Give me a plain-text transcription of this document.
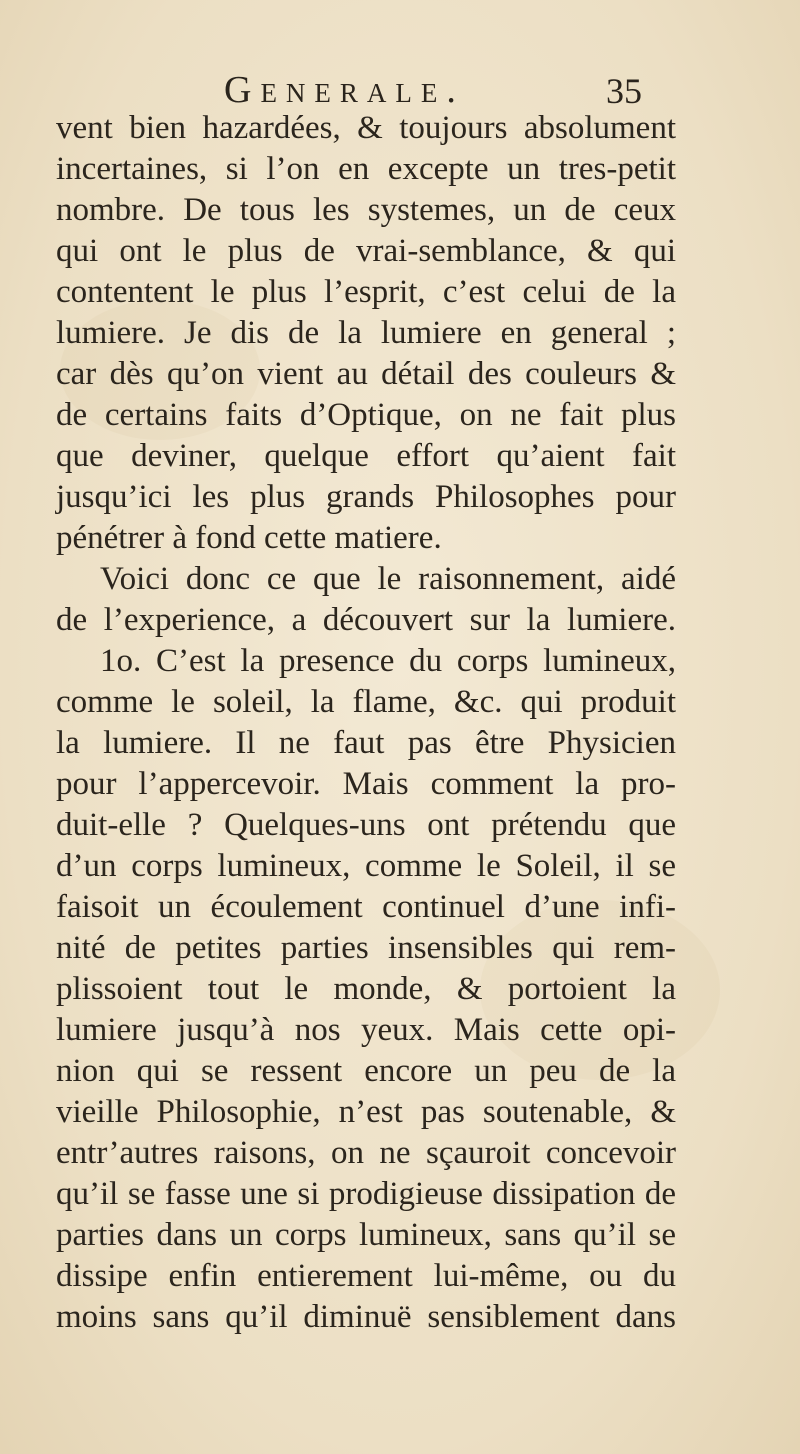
Generale.	35
vent bien hazardées, & toujours absolument
incertaines, si l’on en excepte un tres-petit
nombre. De tous les systemes, un de ceux
qui ont le plus de vrai-semblance, & qui
contentent le plus l’esprit, c’est celui de la
lumiere. Je dis de la lumiere en general ;
car dès qu’on vient au détail des couleurs &
de certains faits d’Optique, on ne fait plus
que deviner, quelque effort qu’aient fait
jusqu’ici les plus grands Philosophes pour
pénétrer à fond cette matiere.
Voici donc ce que le raisonnement, aidé
de l’experience, a découvert sur la lumiere.
1o. C’est la presence du corps lumineux,
comme le soleil, la flame, &c. qui produit
la lumiere. Il ne faut pas être Physicien
pour l’appercevoir. Mais comment la pro-
duit-elle ? Quelques-uns ont prétendu que
d’un corps lumineux, comme le Soleil, il se
faisoit un écoulement continuel d’une infi-
nité de petites parties insensibles qui rem-
plissoient tout le monde, & portoient la
lumiere jusqu’à nos yeux. Mais cette opi-
nion qui se ressent encore un peu de la
vieille Philosophie, n’est pas soutenable, &
entr’autres raisons, on ne sçauroit concevoir
qu’il se fasse une si prodigieuse dissipation de
parties dans un corps lumineux, sans qu’il se
dissipe enfin entierement lui-même, ou du
moins sans qu’il diminuë sensiblement dans
